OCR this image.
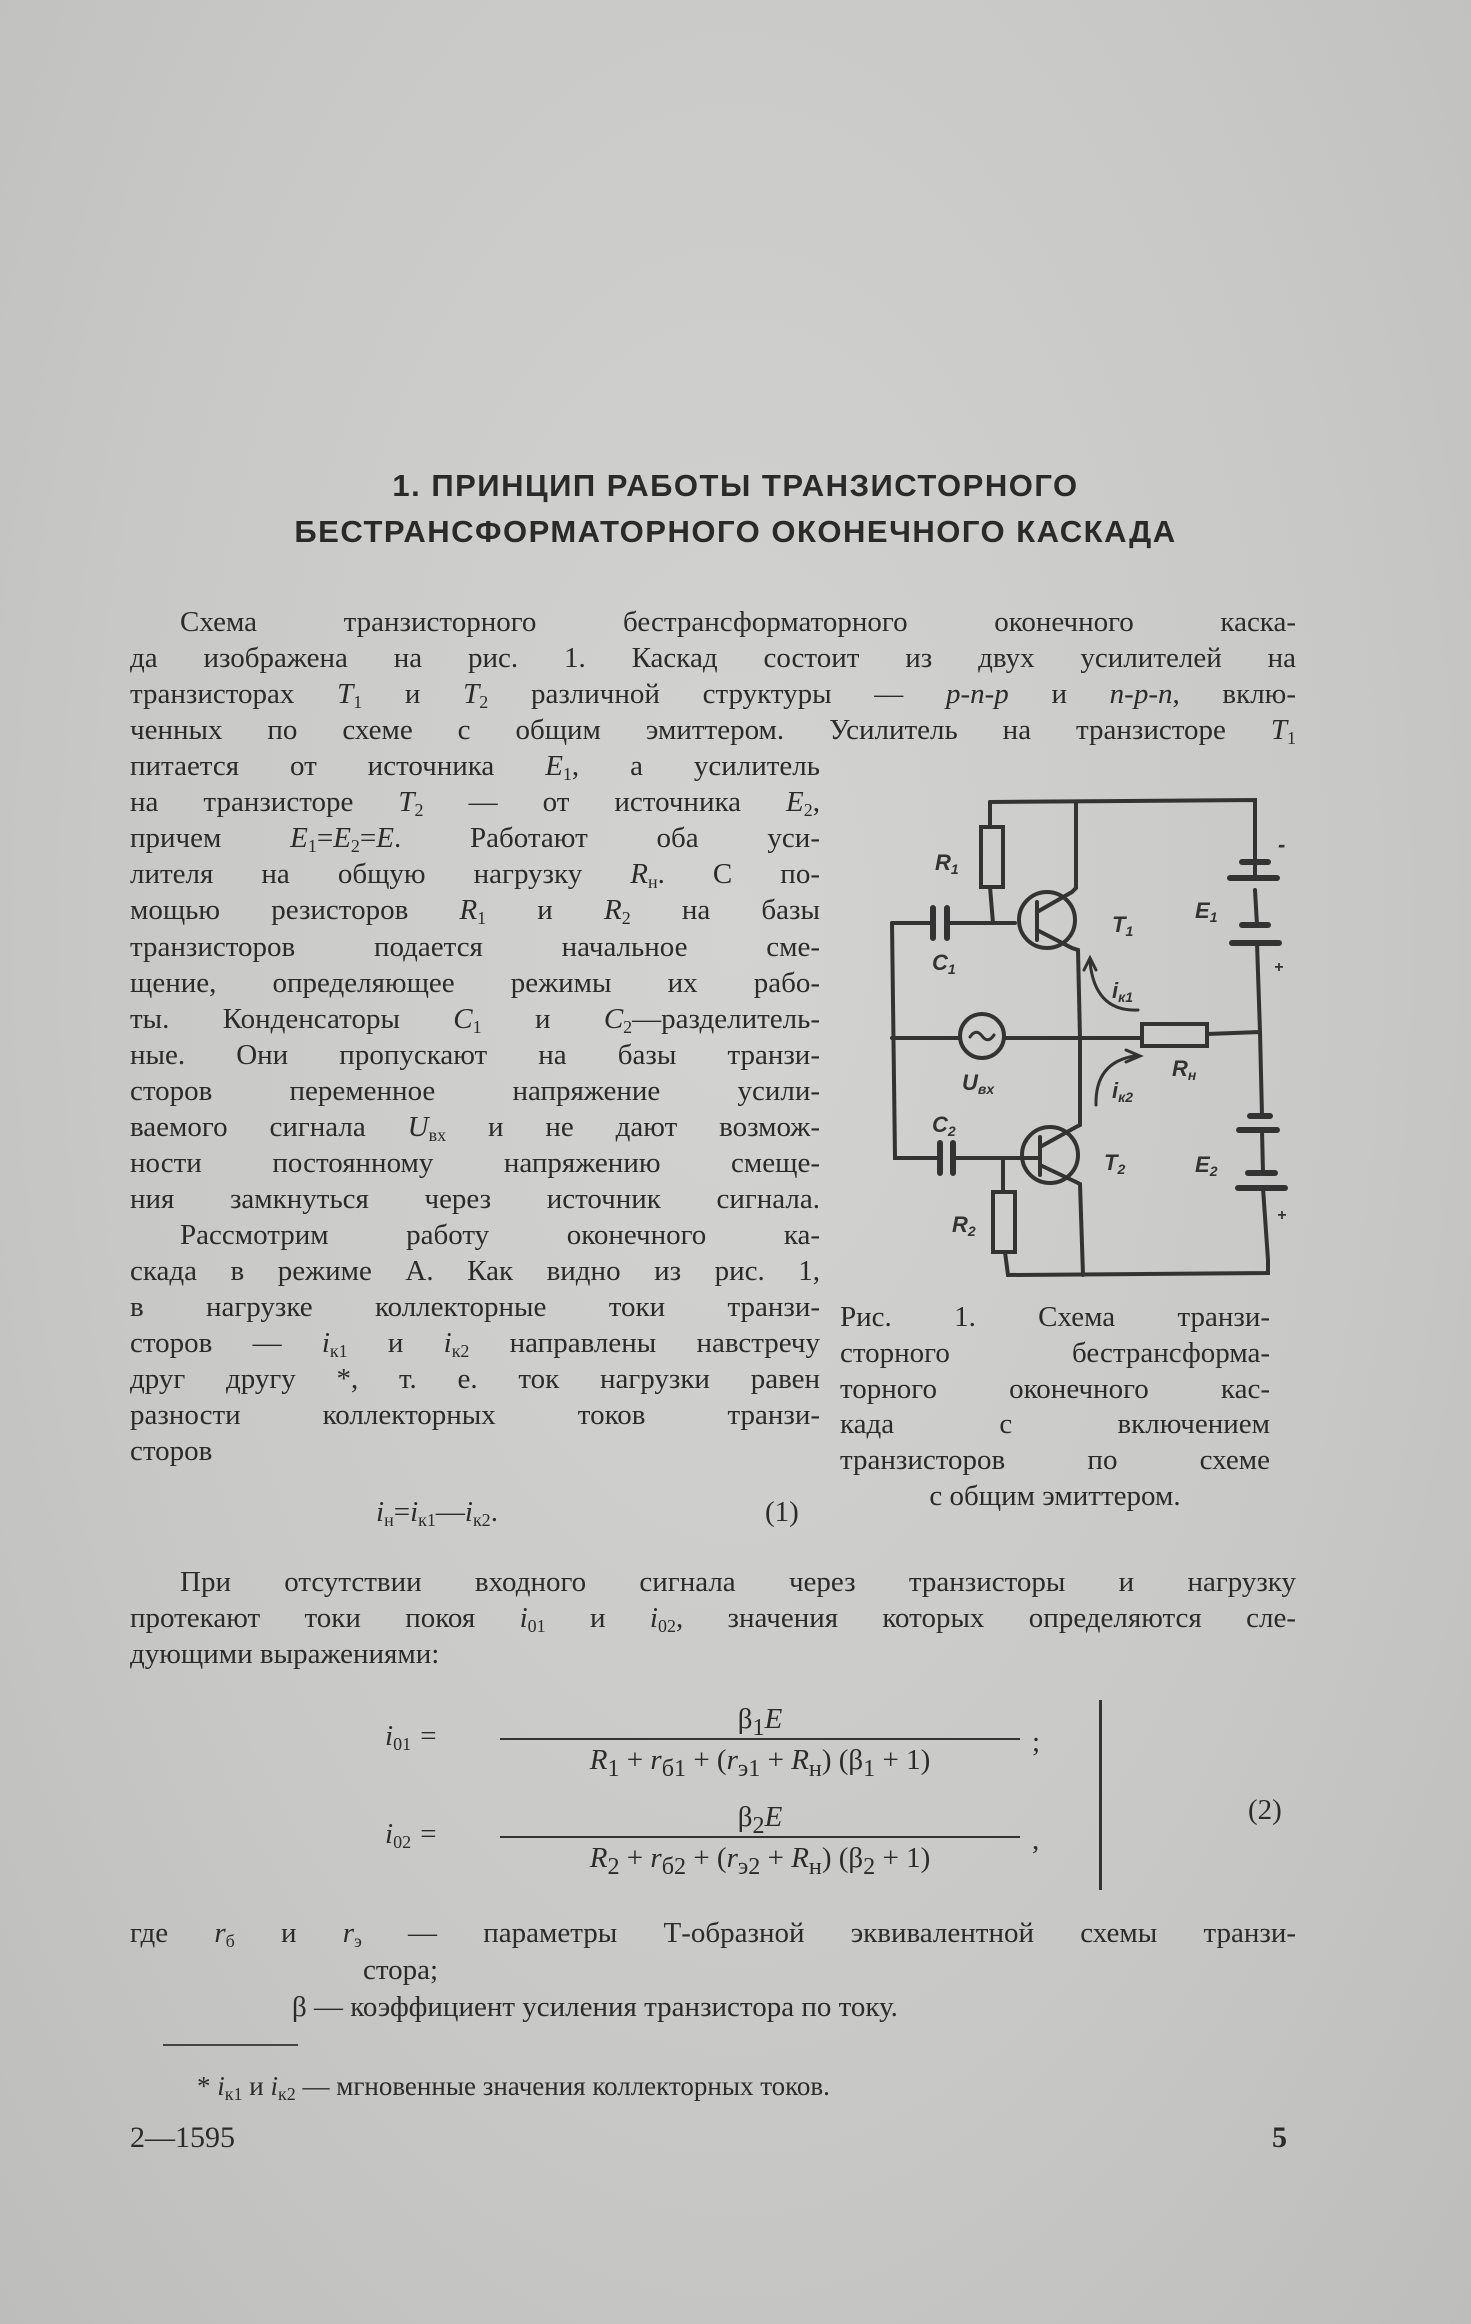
1. ПРИНЦИП РАБОТЫ ТРАНЗИСТОРНОГО
БЕСТРАНСФОРМАТОРНОГО ОКОНЕЧНОГО КАСКАДА
Схема транзисторного бестрансформаторного оконечного каска-
да изображена на рис. 1. Каскад состоит из двух усилителей на
транзисторах $T_1$ и $T_2$ различной структуры — p-n-p и n-p-n, вклю-
ченных по схеме с общим эмиттером. Усилитель на транзисторе $T_1$
питается от источника $E_1$, а усилитель
на транзисторе $T_2$ — от источника $E_2$,
причем $E_1=E_2=E$. Работают оба уси-
лителя на общую нагрузку $R_н$. С по-
мощью резисторов $R_1$ и $R_2$ на базы
транзисторов подается начальное сме-
щение, определяющее режимы их рабо-
ты. Конденсаторы $C_1$ и $C_2—разделитель-$
ные. Они пропускают на базы транзи-
сторов переменное напряжение усили-
ваемого сигнала $U_{вх}$ и не дают возмож-
ности постоянному напряжению смеще-
ния замкнуться через источник сигнала.
Рассмотрим работу оконечного ка-
скада в режиме А. Как видно из рис. 1,
в нагрузке коллекторные токи транзи-
сторов — $i_{к1}$ и $i_{к2}$ направлены навстречу
друг другу *, т. е. ток нагрузки равен
разности коллекторных токов транзи-
сторов
R1
C1
T1
E1
iк1
iк2
Rн
Uвх
C2
T2	E2
R2
-
+
+
Рис. 1. Схема транзи-
сторного бестрансформа-
торного оконечного кас-
када с включением
транзисторов по схеме
с общим эмиттером.
$i_н=i_{к1}—i_{к2}$.	(1)
При отсутствии входного сигнала через транзисторы и нагрузку
протекают токи покоя $i_{01}$ и $i_{02}$, значения которых определяются сле-
дующими выражениями:
$i_{01}$ =
$\beta_1E$
$R_1 + r_{б1} + (r_{э1} + R_н) (\beta_1 + 1)$
;
$i_{02}$ =
$\beta_2E$
$R_2 + r_{б2} + (r_{э2} + R_н) (\beta_2 + 1)$
,
(2)
где $r_б$ и $r_э$ — параметры Т-образной эквивалентной схемы транзи-
стора;
β — коэффициент усиления транзистора по току.
* $i_{к1}$ и $i_{к2}$ — мгновенные значения коллекторных токов.
2—1595	5
